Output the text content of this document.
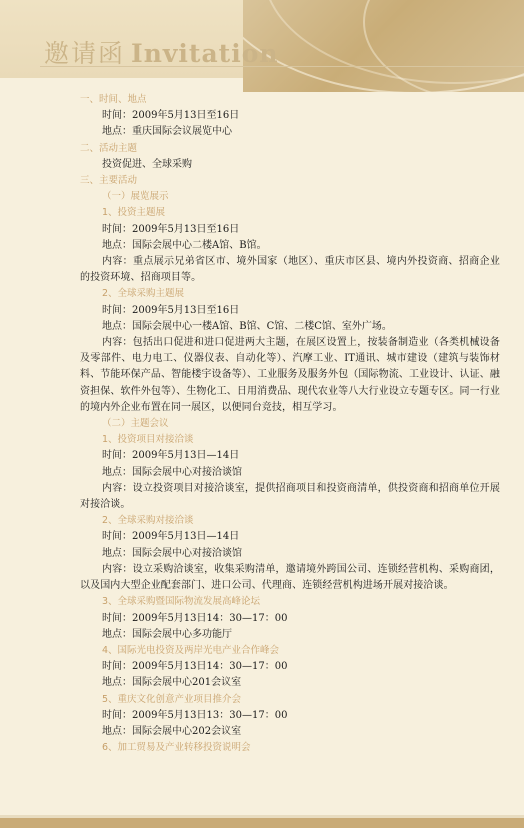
邀请函 Invitation
一、时间、地点
时间：2009年5月13日至16日
地点：重庆国际会议展览中心
二、活动主题
投资促进、全球采购
三、主要活动
（一）展览展示
1、投资主题展
时间：2009年5月13日至16日
地点：国际会展中心二楼A馆、B馆。
内容：重点展示兄弟省区市、境外国家（地区）、重庆市区县、境内外投资商、招商企业的投资环境、招商项目等。
2、全球采购主题展
时间：2009年5月13日至16日
地点：国际会展中心一楼A馆、B馆、C馆、二楼C馆、室外广场。
内容：包括出口促进和进口促进两大主题，在展区设置上，按装备制造业（各类机械设备及零部件、电力电工、仪器仪表、自动化等）、汽摩工业、IT通讯、城市建设（建筑与装饰材料、节能环保产品、智能楼宇设备等）、工业服务及服务外包（国际物流、工业设计、认证、融资担保、软件外包等）、生物化工、日用消费品、现代农业等八大行业设立专题专区。同一行业的境内外企业布置在同一展区，以便同台竞技，相互学习。
（二）主题会议
1、投资项目对接洽谈
时间：2009年5月13日—14日
地点：国际会展中心对接洽谈馆
内容：设立投资项目对接洽谈室，提供招商项目和投资商清单，供投资商和招商单位开展对接洽谈。
2、全球采购对接洽谈
时间：2009年5月13日—14日
地点：国际会展中心对接洽谈馆
内容：设立采购洽谈室，收集采购清单，邀请境外跨国公司、连锁经营机构、采购商团，以及国内大型企业配套部门、进口公司、代理商、连锁经营机构进场开展对接洽谈。
3、全球采购暨国际物流发展高峰论坛
时间：2009年5月13日14：30—17：00
地点：国际会展中心多功能厅
4、国际光电投资及两岸光电产业合作峰会
时间：2009年5月13日14：30—17：00
地点：国际会展中心201会议室
5、重庆文化创意产业项目推介会
时间：2009年5月13日13：30—17：00
地点：国际会展中心202会议室
6、加工贸易及产业转移投资说明会
